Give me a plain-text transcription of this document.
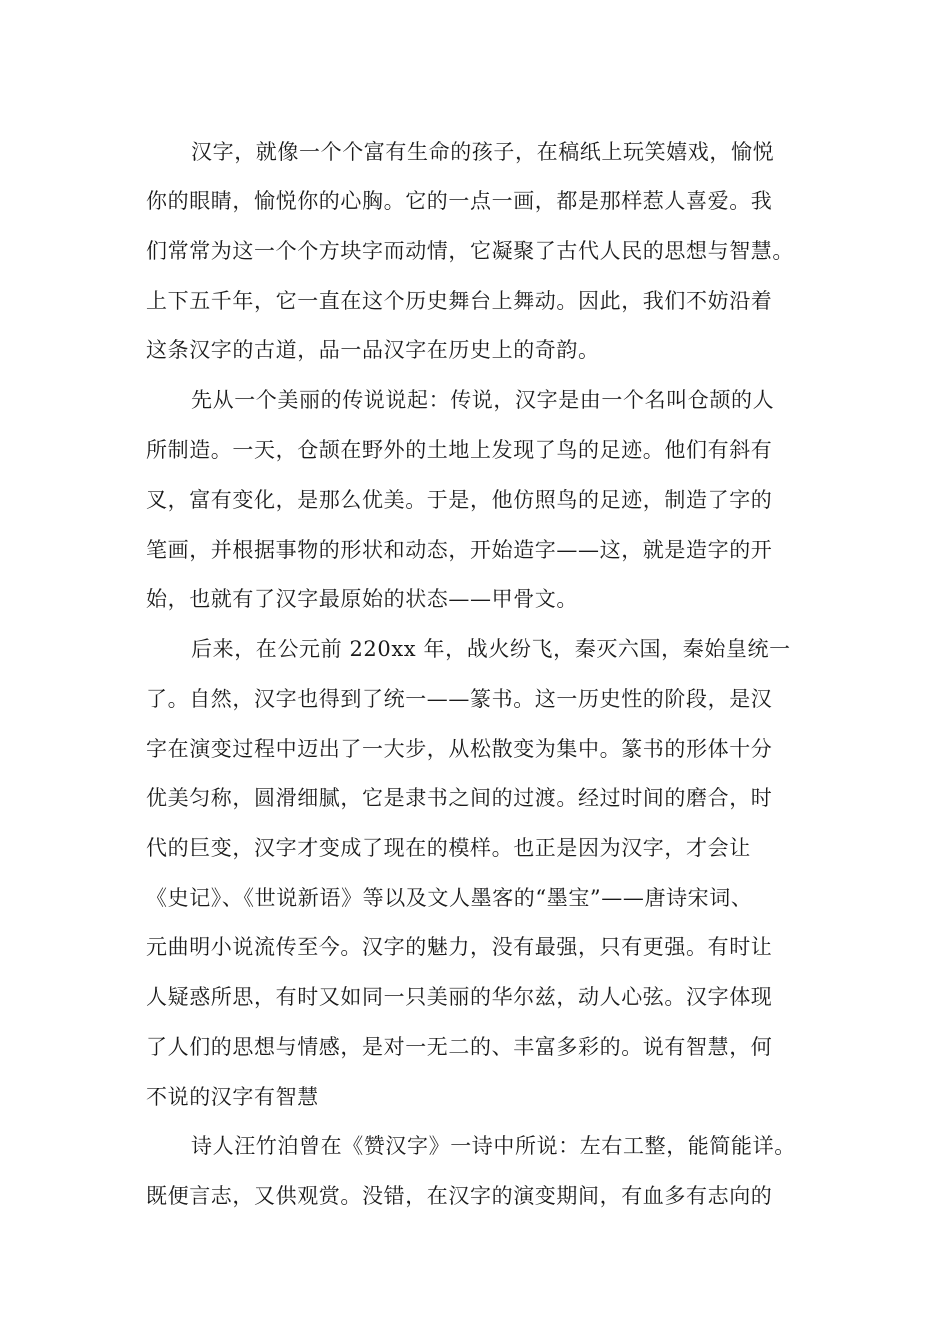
汉字，就像一个个富有生命的孩子，在稿纸上玩笑嬉戏，愉悦

你的眼睛，愉悦你的心胸。它的一点一画，都是那样惹人喜爱。我

们常常为这一个个方块字而动情，它凝聚了古代人民的思想与智慧。

上下五千年，它一直在这个历史舞台上舞动。因此，我们不妨沿着

这条汉字的古道，品一品汉字在历史上的奇韵。

先从一个美丽的传说说起：传说，汉字是由一个名叫仓颉的人

所制造。一天，仓颉在野外的土地上发现了鸟的足迹。他们有斜有

叉，富有变化，是那么优美。于是，他仿照鸟的足迹，制造了字的

笔画，并根据事物的形状和动态，开始造字——这，就是造字的开

始，也就有了汉字最原始的状态——甲骨文。

后来，在公元前 220xx 年，战火纷飞，秦灭六国，秦始皇统一

了。自然，汉字也得到了统一——篆书。这一历史性的阶段，是汉

字在演变过程中迈出了一大步，从松散变为集中。篆书的形体十分

优美匀称，圆滑细腻，它是隶书之间的过渡。经过时间的磨合，时

代的巨变，汉字才变成了现在的模样。也正是因为汉字，才会让

《史记》、《世说新语》等以及文人墨客的“墨宝”——唐诗宋词、

元曲明小说流传至今。汉字的魅力，没有最强，只有更强。有时让

人疑惑所思，有时又如同一只美丽的华尔兹，动人心弦。汉字体现

了人们的思想与情感，是对一无二的、丰富多彩的。说有智慧，何

不说的汉字有智慧

诗人汪竹泊曾在《赞汉字》一诗中所说：左右工整，能简能详。

既便言志，又供观赏。没错，在汉字的演变期间，有血多有志向的
